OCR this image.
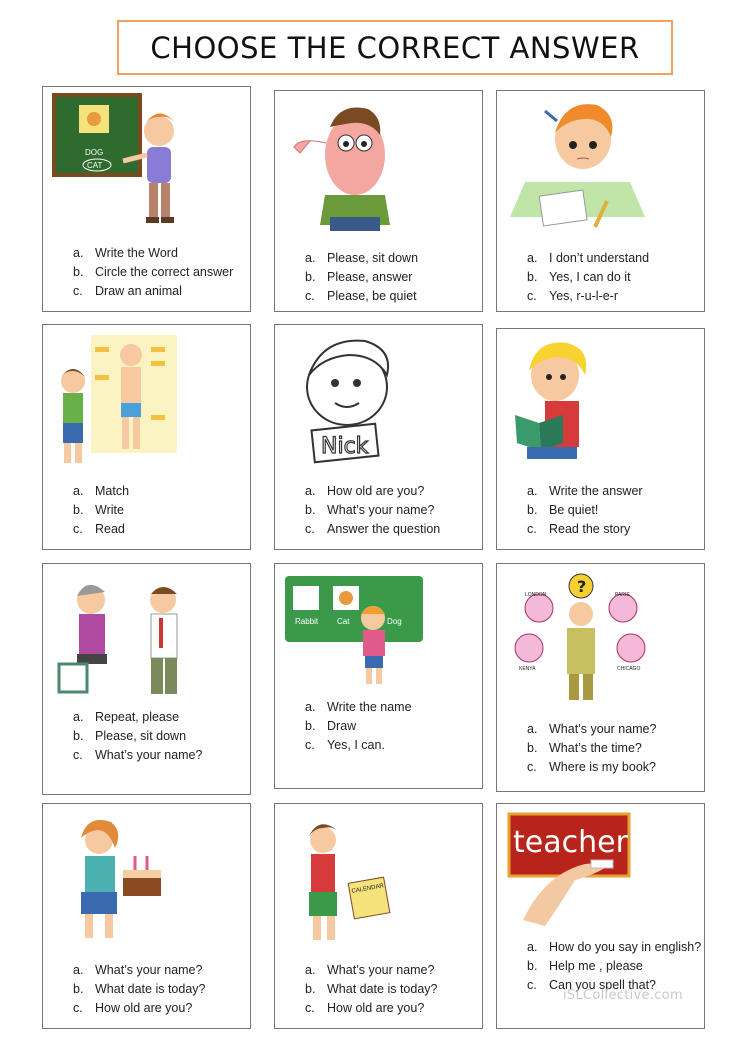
CHOOSE THE CORRECT ANSWER
DOG
CAT
a. Write the Word
b. Circle the correct answer
c. Draw an animal
a. Please, sit down
b. Please, answer
c. Please, be quiet
a. I don’t understand
b. Yes, I can do it
c. Yes, r-u-l-e-r
a. Match
b. Write
c. Read
Nick
a. How old are you?
b. What’s your name?
c. Answer the question
a. Write the answer
b. Be quiet!
c. Read the story
a. Repeat, please
b. Please, sit down
c. What’s your name?
Rabbit Cat	Dog
a. Write the name
b. Draw
c. Yes, I can.
?
LONDON	PARIS
KENYA	CHICAGO
a. What’s your name?
b. What’s the time?
c. Where is my book?
a. What’s your name?
b. What date is today?
c. How old are you?
CALENDAR
a. What’s your name?
b. What date is today?
c. How old are you?
teacher
a. How do you say in english?
b. Help me , please
c. Can you spell that?
iSLCollective.com
